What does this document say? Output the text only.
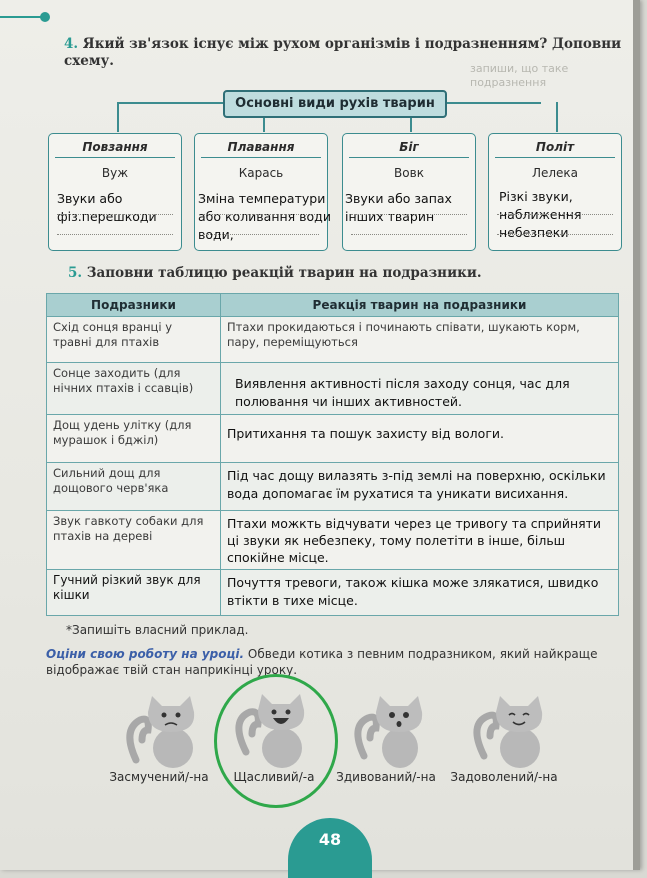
4. Який зв'язок існує між рухом організмів і подразненням? Доповни схему.	запиши, що таке подразнення
Основні види рухів тварин
Повзання
Вуж
Звуки або фіз.перешкоди
Плавання
Карась
Зміна температури або коливання води води,
Біг
Вовк
Звуки або запах інших тварин
Політ
Лелека
Різкі звуки, наближення небезпеки
5. Заповни таблицю реакцій тварин на подразники.
Подразники	Реакція тварин на подразники
Схід сонця вранці у травні для птахів	Птахи прокидаються і починають співати, шукають корм, пару, переміщуються
Сонце заходить (для нічних птахів і ссавців)	Виявлення активності після заходу сонця, час для полювання чи інших активностей.
Дощ удень улітку (для мурашок і бджіл)	Притихання та пошук захисту від вологи.
Сильний дощ для дощового черв'яка	Під час дощу вилазять з-під землі на поверхню, оскільки вода допомагає їм рухатися та уникати висихання.
Звук гавкоту собаки для птахів на дереві	Птахи можкть відчувати через це тривогу та сприйняти ці звуки як небезпеку, тому полетіти в інше, більш спокійне місце.
Гучний різкий звук для кішки	Почуття тревоги, також кішка може злякатися, швидко втікти в тихе місце.
*Запишіть власний приклад.
Оціни свою роботу на уроці. Обведи котика з певним подразником, який найкраще відображає твій стан наприкінці уроку.
Засмучений/-на	Щасливий/-а	Здивований/-на	Задоволений/-на
48
